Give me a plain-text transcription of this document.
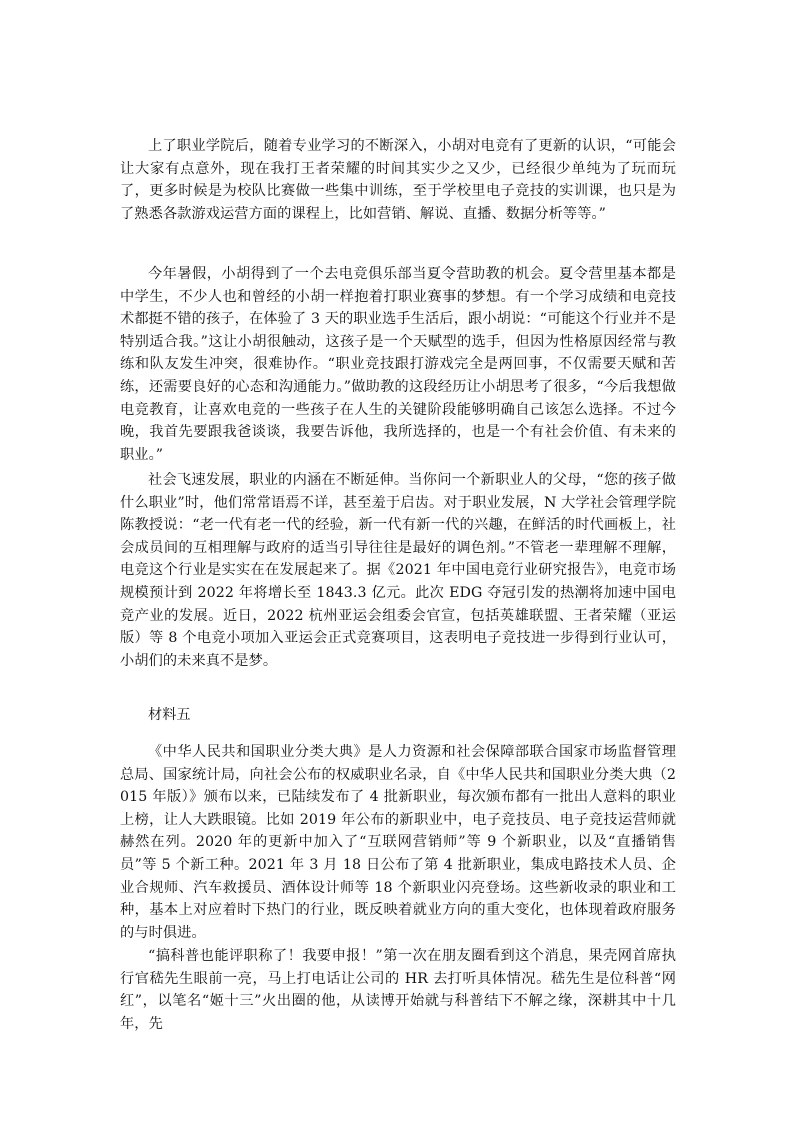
上了职业学院后，随着专业学习的不断深入，小胡对电竞有了更新的认识，“可能会让大家有点意外，现在我打王者荣耀的时间其实少之又少，已经很少单纯为了玩而玩了，更多时候是为校队比赛做一些集中训练，至于学校里电子竞技的实训课，也只是为了熟悉各款游戏运营方面的课程上，比如营销、解说、直播、数据分析等等。”

今年暑假，小胡得到了一个去电竞俱乐部当夏令营助教的机会。夏令营里基本都是中学生，不少人也和曾经的小胡一样抱着打职业赛事的梦想。有一个学习成绩和电竞技术都挺不错的孩子，在体验了 3 天的职业选手生活后，跟小胡说：“可能这个行业并不是特别适合我。”这让小胡很触动，这孩子是一个天赋型的选手，但因为性格原因经常与教练和队友发生冲突，很难协作。“职业竞技跟打游戏完全是两回事，不仅需要天赋和苦练，还需要良好的心态和沟通能力。”做助教的这段经历让小胡思考了很多，“今后我想做电竞教育，让喜欢电竞的一些孩子在人生的关键阶段能够明确自己该怎么选择。不过今晚，我首先要跟我爸谈谈，我要告诉他，我所选择的，也是一个有社会价值、有未来的职业。”

社会飞速发展，职业的内涵在不断延伸。当你问一个新职业人的父母，“您的孩子做什么职业”时，他们常常语焉不详，甚至羞于启齿。对于职业发展，N 大学社会管理学院陈教授说：“老一代有老一代的经验，新一代有新一代的兴趣，在鲜活的时代画板上，社会成员间的互相理解与政府的适当引导往往是最好的调色剂。”不管老一辈理解不理解，电竞这个行业是实实在在发展起来了。据《2021 年中国电竞行业研究报告》，电竞市场规模预计到 2022 年将增长至 1843.3 亿元。此次 EDG 夺冠引发的热潮将加速中国电竞产业的发展。近日，2022 杭州亚运会组委会官宣，包括英雄联盟、王者荣耀（亚运版）等 8 个电竞小项加入亚运会正式竞赛项目，这表明电子竞技进一步得到行业认可，小胡们的未来真不是梦。

材料五

《中华人民共和国职业分类大典》是人力资源和社会保障部联合国家市场监督管理总局、国家统计局，向社会公布的权威职业名录，自《中华人民共和国职业分类大典（2015 年版）》颁布以来，已陆续发布了 4 批新职业，每次颁布都有一批出人意料的职业上榜，让人大跌眼镜。比如 2019 年公布的新职业中，电子竞技员、电子竞技运营师就赫然在列。2020 年的更新中加入了“互联网营销师”等 9 个新职业，以及“直播销售员”等 5 个新工种。2021 年 3 月 18 日公布了第 4 批新职业，集成电路技术人员、企业合规师、汽车救援员、酒体设计师等 18 个新职业闪亮登场。这些新收录的职业和工种，基本上对应着时下热门的行业，既反映着就业方向的重大变化，也体现着政府服务的与时俱进。

“搞科普也能评职称了！我要申报！”第一次在朋友圈看到这个消息，果壳网首席执行官嵇先生眼前一亮，马上打电话让公司的 HR 去打听具体情况。嵇先生是位科普“网红”，以笔名“姬十三”火出圈的他，从读博开始就与科普结下不解之缘，深耕其中十几年，先
